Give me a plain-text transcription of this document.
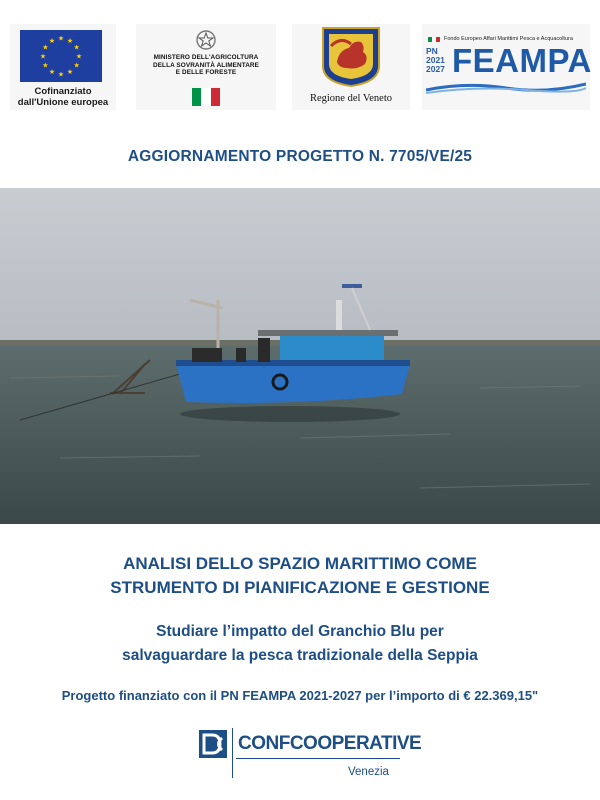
★ ★
★
★
★
★
★
★
★
★
★
★
Cofinanziato
dall'Unione europea
MINISTERO DELL'AGRICOLTURA
DELLA SOVRANITÀ ALIMENTARE
E DELLE FORESTE
Regione del Veneto
Fondo Europeo Affari Marittimi Pesca e Acquacoltura
PN
2021
2027 FEAMPA
AGGIORNAMENTO PROGETTO N. 7705/VE/25
ANALISI DELLO SPAZIO MARITTIMO COME
STRUMENTO DI PIANIFICAZIONE E GESTIONE
Studiare l’impatto del Granchio Blu per
salvaguardare la pesca tradizionale della Seppia
Progetto finanziato con il PN FEAMPA 2021-2027 per l’importo di € 22.369,15"
CONFCOOPERATIVE
Venezia
